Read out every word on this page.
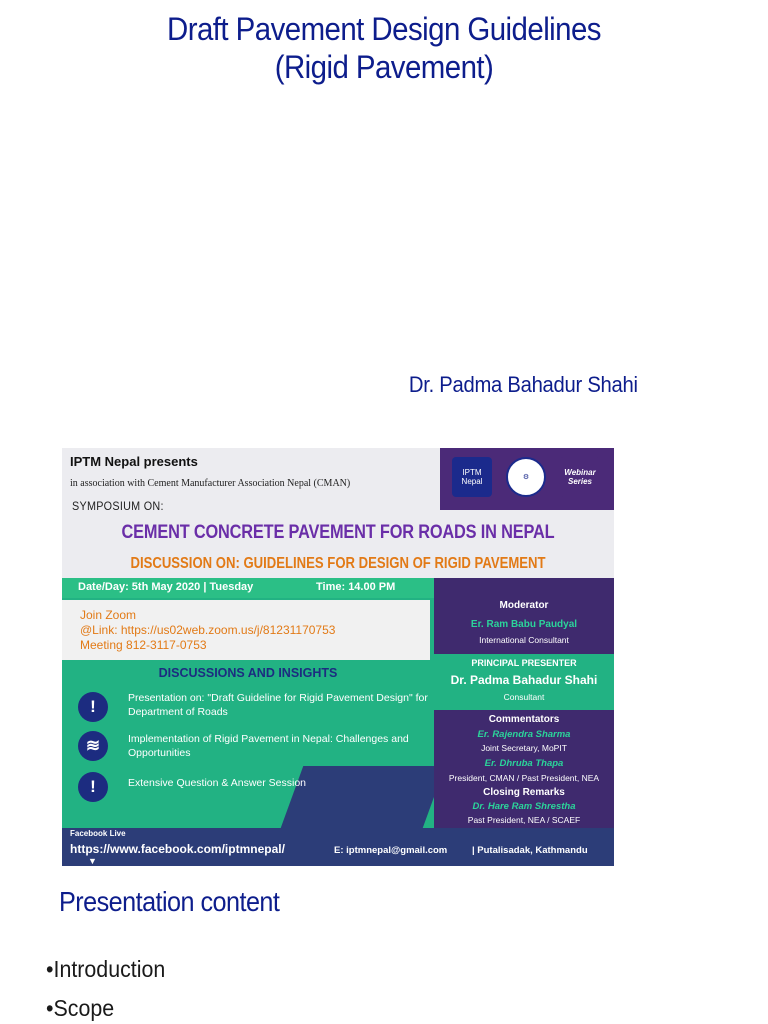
Draft Pavement Design Guidelines
(Rigid Pavement)
Dr. Padma Bahadur Shahi
IPTM Nepal	⚙	Webinar Series
IPTM Nepal presents
in association with Cement Manufacturer Association Nepal (CMAN)
SYMPOSIUM ON:
CEMENT CONCRETE PAVEMENT FOR ROADS IN NEPAL
DISCUSSION ON: GUIDELINES FOR DESIGN OF RIGID PAVEMENT
Date/Day: 5th May 2020 | Tuesday	Time: 14.00 PM
Join Zoom
@Link: https://us02web.zoom.us/j/81231170753
Meeting 812-3117-0753
DISCUSSIONS AND INSIGHTS
!	Presentation on: "Draft Guideline for Rigid Pavement Design" for Department of Roads
≋	Implementation of Rigid Pavement in Nepal: Challenges and Opportunities
!	Extensive Question & Answer Session
Moderator
Er. Ram Babu Paudyal
International Consultant
PRINCIPAL PRESENTER
Dr. Padma Bahadur Shahi
Consultant
Commentators
Er. Rajendra Sharma
Joint Secretary, MoPIT
Er. Dhruba Thapa
President, CMAN / Past President, NEA
Closing Remarks
Dr. Hare Ram Shrestha
Past President, NEA / SCAEF
Facebook Live
https://www.facebook.com/iptmnepal/
▼
E: iptmnepal@gmail.com	| Putalisadak, Kathmandu
Presentation content
•Introduction
•Scope
